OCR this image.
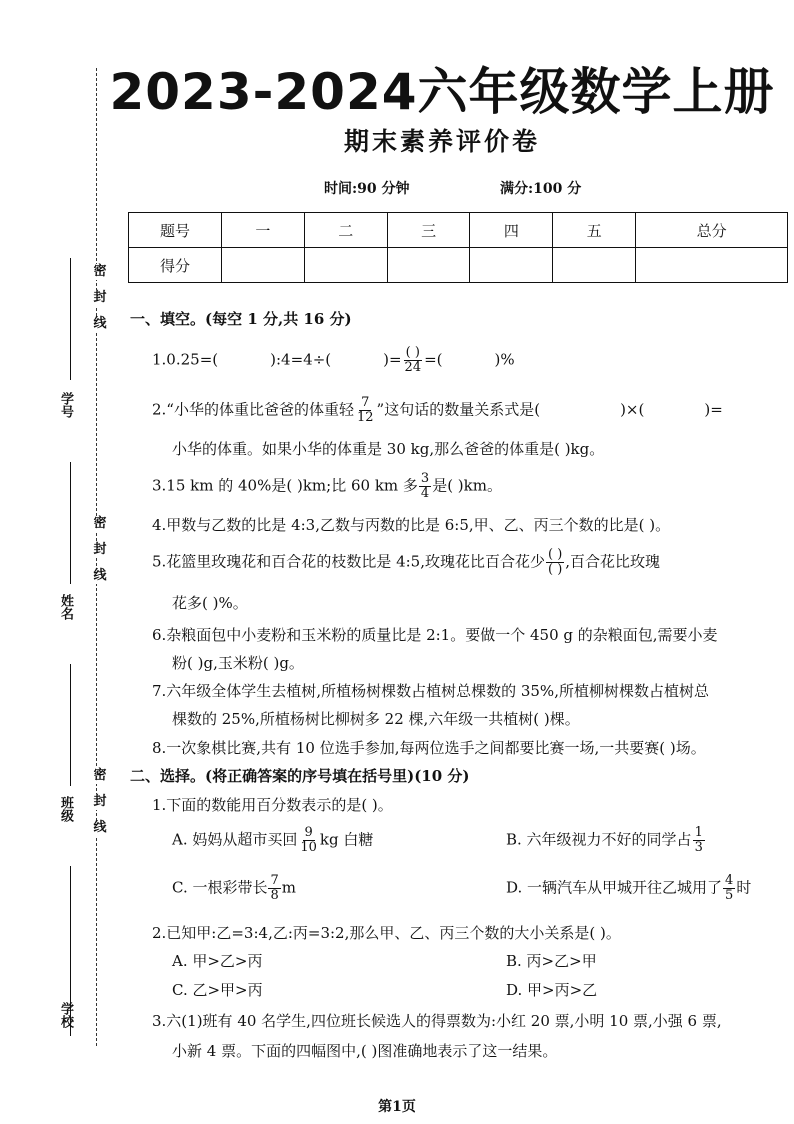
学号
姓名
班级
学校
密
封
线
密
封
线
密
封
线
2023-2024六年级数学上册
期末素养评价卷
时间:90 分钟	满分:100 分
题号	一	二	三	四	五	总分
得分						
一、填空。(每空 1 分,共 16 分)
1.0.25=(	):4=4÷(	)= $\frac{( )}{24}$ =(	)%
2.“小华的体重比爸爸的体重轻 $\frac{7}{12}$ ”这句话的数量关系式是(	)×(	)=
小华的体重。如果小华的体重是 30 kg,那么爸爸的体重是( )kg。
3.15 km 的 40%是( )km;比 60 km 多 $\frac{3}{4}$ 是( )km。
4.甲数与乙数的比是 4:3,乙数与丙数的比是 6:5,甲、乙、丙三个数的比是( )。
5.花篮里玫瑰花和百合花的枝数比是 4:5,玫瑰花比百合花少 $\frac{( )}{( )}$ ,百合花比玫瑰
花多( )%。
6.杂粮面包中小麦粉和玉米粉的质量比是 2:1。要做一个 450 g 的杂粮面包,需要小麦
粉( )g,玉米粉( )g。
7.六年级全体学生去植树,所植杨树棵数占植树总棵数的 35%,所植柳树棵数占植树总
棵数的 25%,所植杨树比柳树多 22 棵,六年级一共植树( )棵。
8.一次象棋比赛,共有 10 位选手参加,每两位选手之间都要比赛一场,一共要赛( )场。
二、选择。(将正确答案的序号填在括号里)(10 分)
1.下面的数能用百分数表示的是( )。
A. 妈妈从超市买回 $\frac{9}{10}$ kg 白糖	B. 六年级视力不好的同学占 $\frac{1}{3}$
C. 一根彩带长 $\frac{7}{8}$ m	D. 一辆汽车从甲城开往乙城用了 $\frac{4}{5}$ 时
2.已知甲:乙=3:4,乙:丙=3:2,那么甲、乙、丙三个数的大小关系是( )。
A. 甲>乙>丙	B. 丙>乙>甲
C. 乙>甲>丙	D. 甲>丙>乙
3.六(1)班有 40 名学生,四位班长候选人的得票数为:小红 20 票,小明 10 票,小强 6 票,
小新 4 票。下面的四幅图中,( )图准确地表示了这一结果。
第1页
